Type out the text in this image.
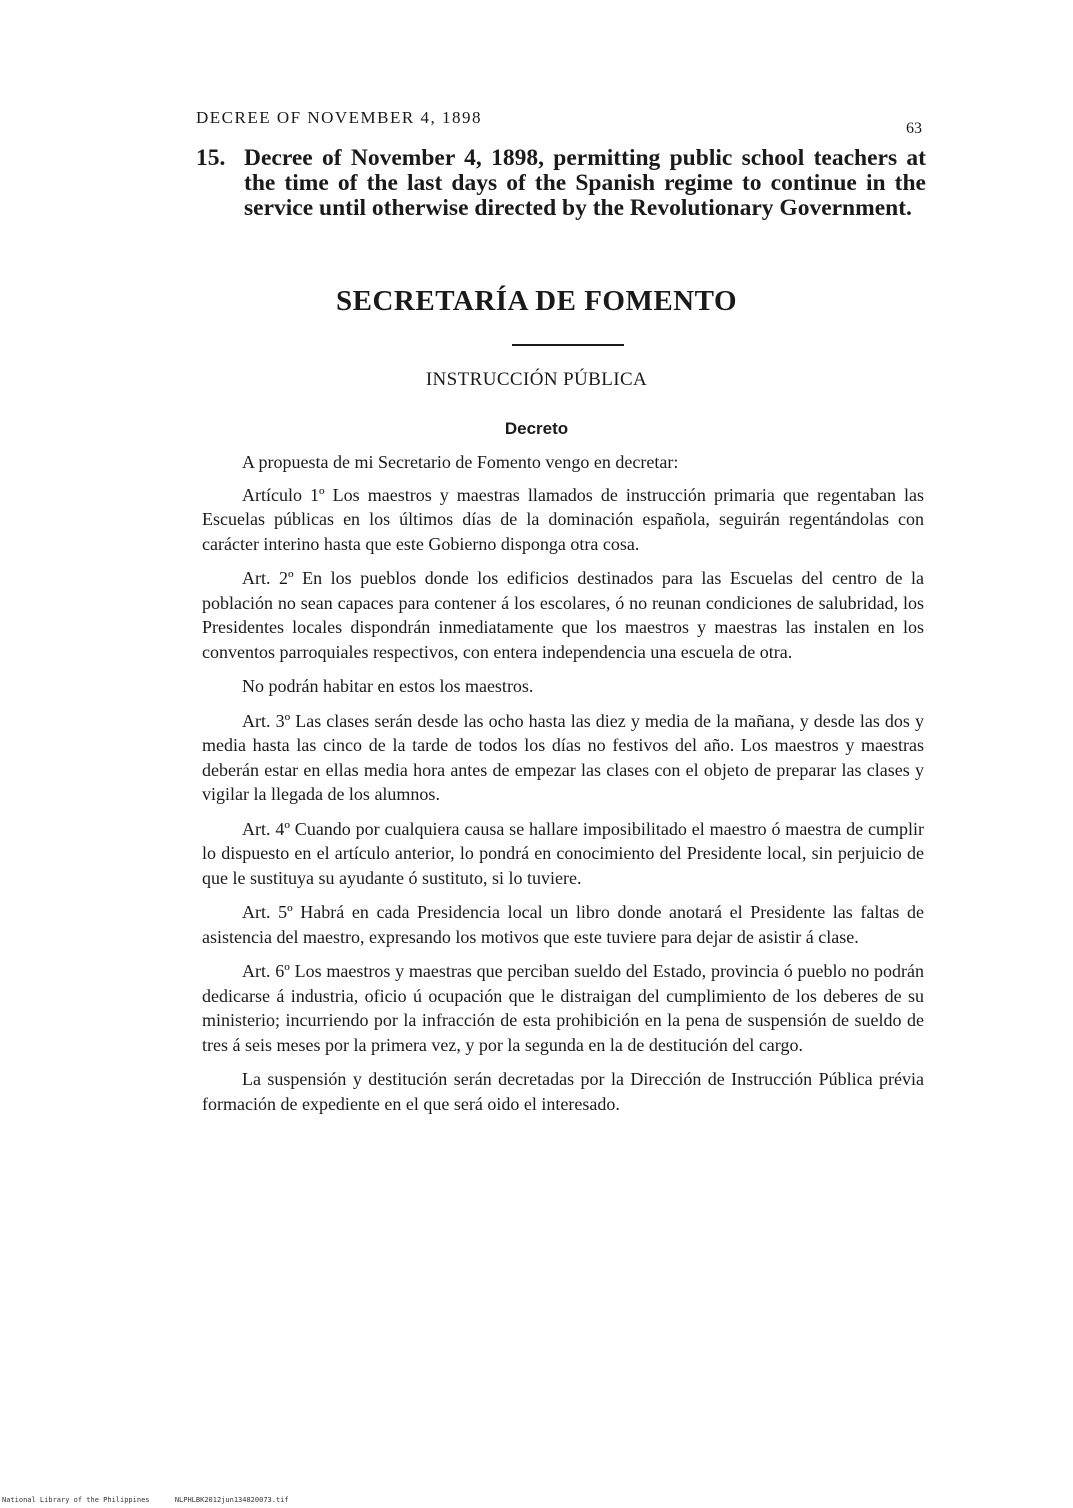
DECREE OF NOVEMBER 4, 1898
63
15. Decree of November 4, 1898, permitting public school teachers at the time of the last days of the Spanish regime to continue in the service until otherwise directed by the Revolutionary Government.
SECRETARÍA DE FOMENTO
INSTRUCCIÓN PÚBLICA
Decreto

A propuesta de mi Secretario de Fomento vengo en decretar:

Artículo 1º Los maestros y maestras llamados de instrucción primaria que regentaban las Escuelas públicas en los últimos días de la dominación española, seguirán regentándolas con carácter interino hasta que este Gobierno disponga otra cosa.

Art. 2º En los pueblos donde los edificios destinados para las Escuelas del centro de la población no sean capaces para contener á los escolares, ó no reunan condiciones de salubridad, los Presidentes locales dispondrán inmediatamente que los maestros y maestras las instalen en los conventos parroquiales respectivos, con entera independencia una escuela de otra.

No podrán habitar en estos los maestros.

Art. 3º Las clases serán desde las ocho hasta las diez y media de la mañana, y desde las dos y media hasta las cinco de la tarde de todos los días no festivos del año. Los maestros y maestras deberán estar en ellas media hora antes de empezar las clases con el objeto de preparar las clases y vigilar la llegada de los alumnos.

Art. 4º Cuando por cualquiera causa se hallare imposibilitado el maestro ó maestra de cumplir lo dispuesto en el artículo anterior, lo pondrá en conocimiento del Presidente local, sin perjuicio de que le sustituya su ayudante ó sustituto, si lo tuviere.

Art. 5º Habrá en cada Presidencia local un libro donde anotará el Presidente las faltas de asistencia del maestro, expresando los motivos que este tuviere para dejar de asistir á clase.

Art. 6º Los maestros y maestras que perciban sueldo del Estado, provincia ó pueblo no podrán dedicarse á industria, oficio ú ocupación que le distraigan del cumplimiento de los deberes de su ministerio; incurriendo por la infracción de esta prohibición en la pena de suspensión de sueldo de tres á seis meses por la primera vez, y por la segunda en la de destitución del cargo.

La suspensión y destitución serán decretadas por la Dirección de Instrucción Pública prévia formación de expediente en el que será oido el interesado.

National Library of the Philippines	NLPHLBK2012jun134820073.tif
